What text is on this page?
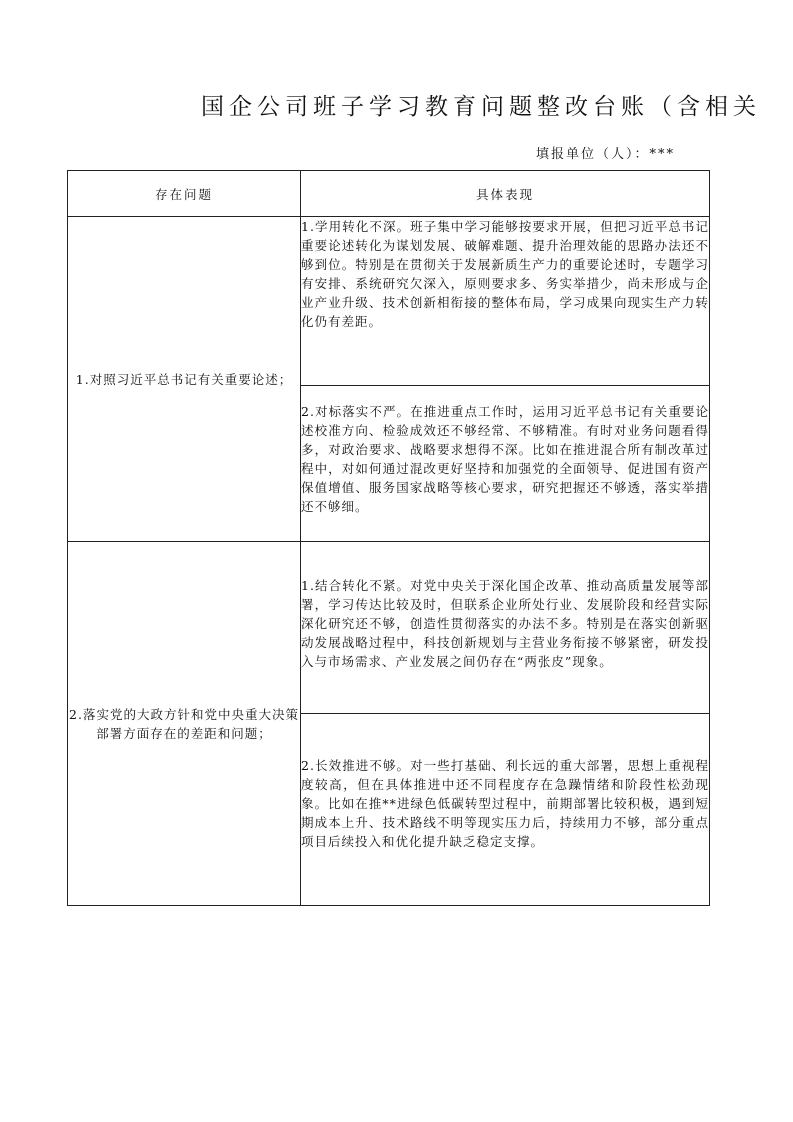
国企公司班子学习教育问题整改台账（含相关
填报单位（人）：***
存在问题	具体表现
1.对照习近平总书记有关重要论述；	1.学用转化不深。班子集中学习能够按要求开展，但把习近平总书记重要论述转化为谋划发展、破解难题、提升治理效能的思路办法还不够到位。特别是在贯彻关于发展新质生产力的重要论述时，专题学习有安排、系统研究欠深入，原则要求多、务实举措少，尚未形成与企业产业升级、技术创新相衔接的整体布局，学习成果向现实生产力转化仍有差距。
	2.对标落实不严。在推进重点工作时，运用习近平总书记有关重要论述校准方向、检验成效还不够经常、不够精准。有时对业务问题看得多，对政治要求、战略要求想得不深。比如在推进混合所有制改革过程中，对如何通过混改更好坚持和加强党的全面领导、促进国有资产保值增值、服务国家战略等核心要求，研究把握还不够透，落实举措还不够细。
2.落实党的大政方针和党中央重大决策部署方面存在的差距和问题；	1.结合转化不紧。对党中央关于深化国企改革、推动高质量发展等部署，学习传达比较及时，但联系企业所处行业、发展阶段和经营实际深化研究还不够，创造性贯彻落实的办法不多。特别是在落实创新驱动发展战略过程中，科技创新规划与主营业务衔接不够紧密，研发投入与市场需求、产业发展之间仍存在“两张皮”现象。
	2.长效推进不够。对一些打基础、利长远的重大部署，思想上重视程度较高，但在具体推进中还不同程度存在急躁情绪和阶段性松劲现象。比如在推**进绿色低碳转型过程中，前期部署比较积极，遇到短期成本上升、技术路线不明等现实压力后，持续用力不够，部分重点项目后续投入和优化提升缺乏稳定支撑。
